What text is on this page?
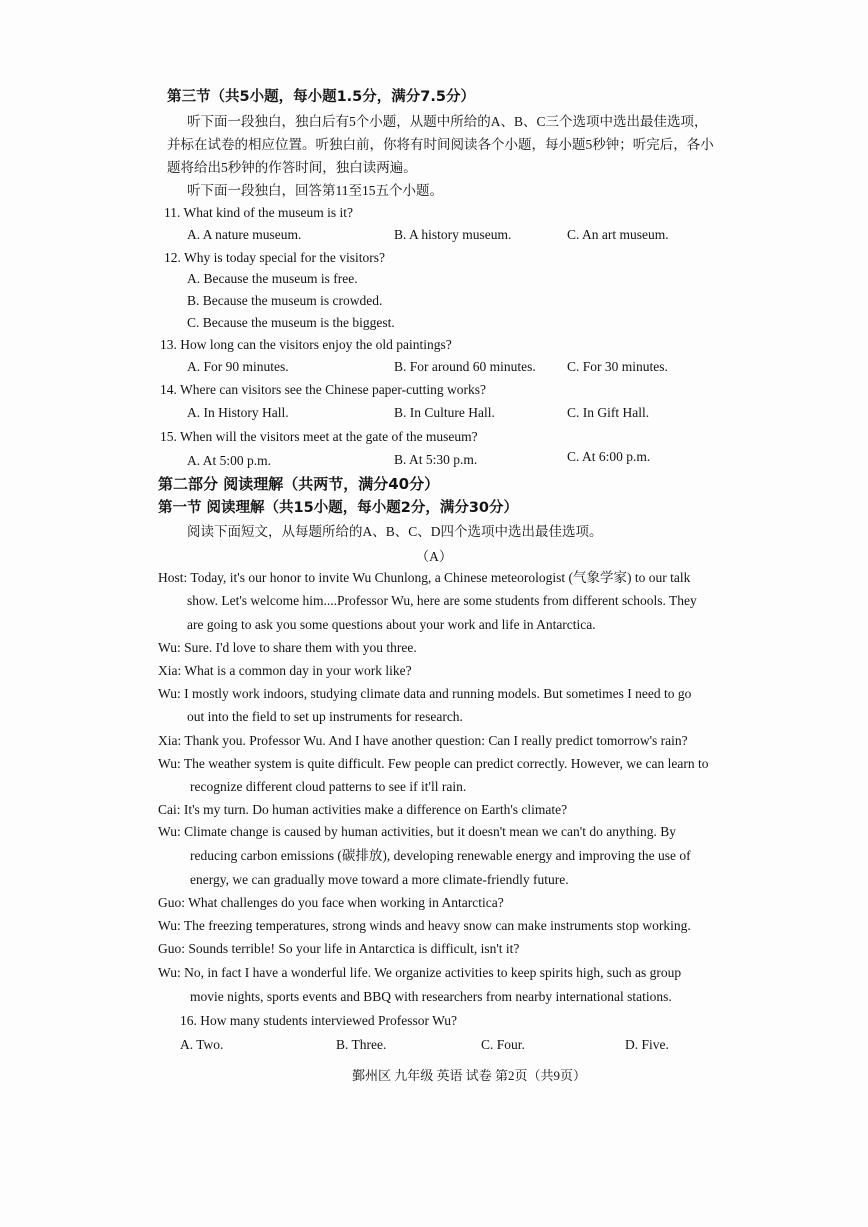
第三节（共5小题，每小题1.5分，满分7.5分）
听下面一段独白，独白后有5个小题，从题中所给的A、B、C三个选项中选出最佳选项，
并标在试卷的相应位置。听独白前，你将有时间阅读各个小题，每小题5秒钟；听完后，各小
题将给出5秒钟的作答时间，独白读两遍。
听下面一段独白，回答第11至15五个小题。
11. What kind of the museum is it?
A. A nature museum.	B. A history museum.	C. An art museum.
12. Why is today special for the visitors?
A. Because the museum is free.
B. Because the museum is crowded.
C. Because the museum is the biggest.
13. How long can the visitors enjoy the old paintings?
A. For 90 minutes.	B. For around 60 minutes. C. For 30 minutes.
14. Where can visitors see the Chinese paper-cutting works?
A. In History Hall.	B. In Culture Hall.	C. In Gift Hall.
15. When will the visitors meet at the gate of the museum?
A. At 5:00 p.m.	B. At 5:30 p.m.	C. At 6:00 p.m.
第二部分 阅读理解（共两节，满分40分）
第一节 阅读理解（共15小题，每小题2分，满分30分）
阅读下面短文，从每题所给的A、B、C、D四个选项中选出最佳选项。
（A）
Host: Today, it's our honor to invite Wu Chunlong, a Chinese meteorologist (气象学家) to our talk
show. Let's welcome him....Professor Wu, here are some students from different schools. They
are going to ask you some questions about your work and life in Antarctica.
Wu: Sure. I'd love to share them with you three.
Xia: What is a common day in your work like?
Wu: I mostly work indoors, studying climate data and running models. But sometimes I need to go
out into the field to set up instruments for research.
Xia: Thank you. Professor Wu. And I have another question: Can I really predict tomorrow's rain?
Wu: The weather system is quite difficult. Few people can predict correctly. However, we can learn to
recognize different cloud patterns to see if it'll rain.
Cai: It's my turn. Do human activities make a difference on Earth's climate?
Wu: Climate change is caused by human activities, but it doesn't mean we can't do anything. By
reducing carbon emissions (碳排放), developing renewable energy and improving the use of
energy, we can gradually move toward a more climate-friendly future.
Guo: What challenges do you face when working in Antarctica?
Wu: The freezing temperatures, strong winds and heavy snow can make instruments stop working.
Guo: Sounds terrible! So your life in Antarctica is difficult, isn't it?
Wu: No, in fact I have a wonderful life. We organize activities to keep spirits high, such as group
movie nights, sports events and BBQ with researchers from nearby international stations.
16. How many students interviewed Professor Wu?
A. Two.	B. Three.	C. Four.	D. Five.
鄞州区 九年级 英语 试卷 第2页（共9页）
